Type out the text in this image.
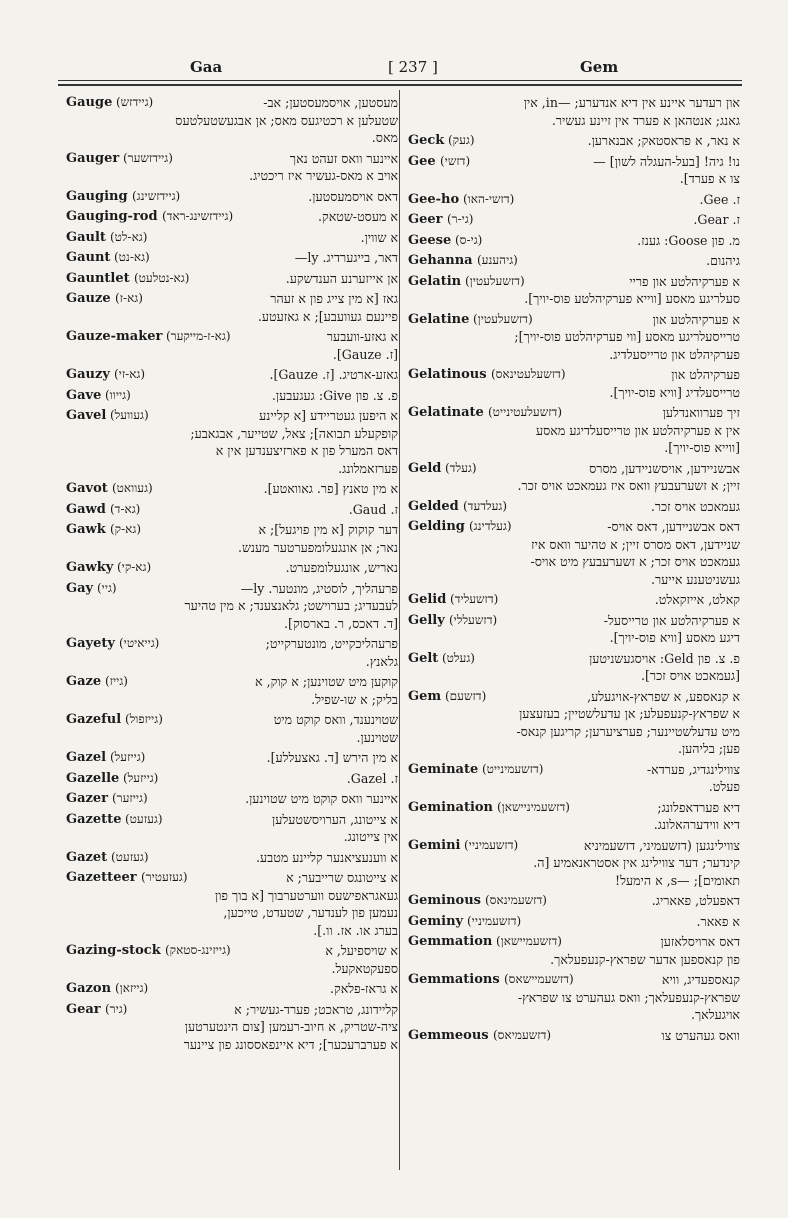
Gaa	[ 237 ]	Gem
מעסטען, אויסמעסטען; אב-
Gauge (גיידזש)
שטעלען א רכטיגעס מאס; אן אבגעשטעלטעס
מאס.
איינער וואס זעהט נאך
Gauger (גיידזשער)
אויב א מאס-געשיר איז ריכטיג.
דאס אויסמעסטען.
Gauging (גיידזשינג)
א מעסט-שטאק.
Gauging-rod (גיידזשינג-ראד)
א שווין.
Gault (גא-לט)
דאר, בייגערדיג. ly—
Gaunt (גא-נט)
אן אייזערנע הענדשקע.
Gauntlet (גא-נטלעט)
גאז [א מין צייג פון א זעהר
Gauze (גא-ז)
פיינעם געוועבע]; א גאזעטע.
א גאזע-וועבער
Gauze-maker (גא-ז-מייקער)
[ז. Gauze].
גאזע-ארטיג. [ז. Gauze].
Gauzy (גא-זי)
פ. צ. פון Give: געגעבען.
Gave (גייוו)
א היפען געטריידע [א קליינע
Gavel (געוועל)
קופקעלע תבואה]; צאל, שטייער, אבגאבע;
דאס המערל פון א פארזיצענדען אין א
פערזאמלונג.
א מין טאנץ [פר. גאוואטע].
Gavot (געוואט)
ז. Gaud.
Gawd (גא-ד)
דער קוקוק [א מין פויגעל]; א
Gawk (גא-ק)
נאר; אן אונגעלומפערטער מענש.
נאריש, אונגעלומפערט.
Gawky (גא-קי)
פרעהליך, לוסטיג, מונטער. ly—
Gay (גיי)
לעבעדיג; בערוישט; גלאנצענד; א מין טהיער
[ד. דאכס, ר. בארסוק].
פרעהליכקייט, מונטערקייט;
Gayety (גייאיטי)
גלאנץ.
קוקען מיט שטוינען; א קוק, א
Gaze (גייז)
בליק; א שו-שפיל.
שטוינענד, וואס קוקט מיט
Gazeful (גייזפול)
שטוינען.
א מין הירש [ד. גאצעללע].
Gazel (גייזעל)
ז. Gazel.
Gazelle (גייזעל)
איינער וואס קוקט מיט שטוינען.
Gazer (גייזער)
א צייטונג, הערויסשטעלען
Gazette (געזעט)
אין צייטונג.
א ווענעציאנער קליינע מטבע.
Gazet (געזעט)
א צייטונגס שרייבער; א
Gazetteer (געזעטיר)
געאגראפישעס ווערטערבוך [א בוך פון
נעמען פון לענדער, שטעדט, טייכען,
בערג או. אז. וו.].
א שויספיעל, א
Gazing-stock (גייזינג-סטאק)
ספעקטאקעל.
א גראז-פלאק.
Gazon (גייזאן)
קליידונג, טראכט; פערד-געשיר; א
Gear (גיר)
ציה-שטריק, א חיוב-רעמען [צום הינטערטען
א פערברעכער]; דיא איינפאססונג פון ציינער
און רעדער איינע אין דיא אנדערע; —in, אין
גאנג; אנטהאן א פערד אין זיינע געשיר.
א נאר, א פראסטאק; אבנארען.
Geck (געק)
נו! גיה! [בעל-העגלה לשון] —
Gee (דזשי)
צו א פערד].
ז. Gee.
Gee-ho (דזשי-האו)
ז. Gear.
Geer (גי-ר)
מ. פון Goose: גענז.
Geese (גי-ס)
גיהנום.
Gehanna (גיהענע)
א פערקיהלטע און פריי
Gelatin (דזשעלעטין)
סעלריגע מאסע [ווייא פערקיהלטע פוס-יויך].
א פערקיהלטע און
Gelatine (דזשעלעטין)
טרייסעלריגע מאסע [ווי פערקיהלטע פוס-יויך];
פערקיהלט און טרייסעלדיג.
פערקיהלט און
Gelatinous (דזשעלעטינאס)
טרייסעלדיג [וויא פוס-יויך].
זיך פערוואנדלען
Gelatinate (דזשעלעטינייט)
אין א פערקיהלטע און טרייסעלדיגע מאסע
[ווייא פוס-יויך].
אבשניידען, אויסשניידען, מסרס
Geld (געלד)
זיין; א זשערעבעץ וואס איז געמאכט אויס זכר.
געמאכט אויס זכר.
Gelded (געלדעד)
דאס אבשניידען, דאס אויס-
Gelding (געלדינג)
שניידען, דאס מסרס זיין; א טהיער וואס איז
געמאכט אויס זכר; א זשערעבעץ מיט אויס-
געשניטענע אייער.
קאלט, אייזקאלט.
Gelid (דזשעליד)
א פערקיהלטע און טרייסעל-
Gelly (דזשעללי)
דיגע מאסע [וויא פוס-יויך].
פ. צ. פון Geld: אויסגעשניטען
Gelt (געלט)
[געמאכט אויס זכר].
א קנאספע, א שפראץ-אויגעלע,
Gem (דזשעם)
א שפראץ-קנעפעלע; אן עדעלשטיין; בעזעצען
מיט עדעלשטיינער; פערציערען; קריגען קנאס-
פען; בליהען.
צווילינגדיג, פערדא-
Geminate (דזשעמינייט)
פעלט.
דיא פערדאפלונג;
Gemination (דזשעמיניישאן)
דיא ווידערהאלונג.
צווילינגען (דזשעמיני, דזשעמיניא
Gemini (דזשעמיניי)
קינדער; דער צווילינג אין אסטראנאמיע [ה.
תאומים]; —s, א הימעל!
דאפעלט, פאאריג.
Geminous (דזשעמינאס)
א פאאר.
Geminy (דזשעמיניי)
דאס ארויסלאזען
Gemmation (דזשעמיישאן)
פון קנאספען אדער שפראץ-קנעפעלאך.
קנאספעדיג, וויא
Gemmations (דזשעמיישאס)
שפראץ-קנעפעלאך; וואס געהערט צו שפראץ-
אויגעלאך.
וואס געהערט צו
Gemmeous (דזשעמיאס)
